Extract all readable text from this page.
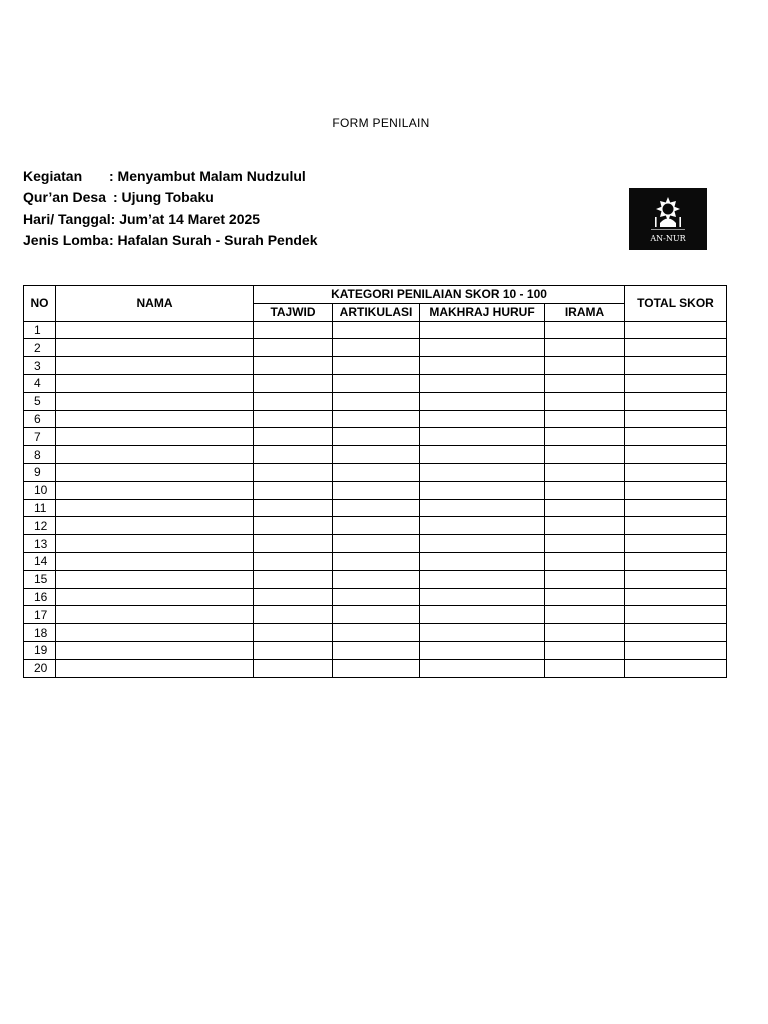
FORM PENILAIN
Kegiatan : Menyambut Malam Nudzulul
Qur’an Desa : Ujung Tobaku
Hari/ Tanggal: Jum’at 14 Maret 2025
Jenis Lomba: Hafalan Surah - Surah Pendek	AN-NUR
NO	NAMA	KATEGORI PENILAIAN SKOR 10 - 100				TOTAL SKOR
		TAJWID	ARTIKULASI	MAKHRAJ HURUF	IRAMA	
1						
2						
3						
4						
5						
6						
7						
8						
9						
10						
11						
12						
13						
14						
15						
16						
17						
18						
19						
20						
